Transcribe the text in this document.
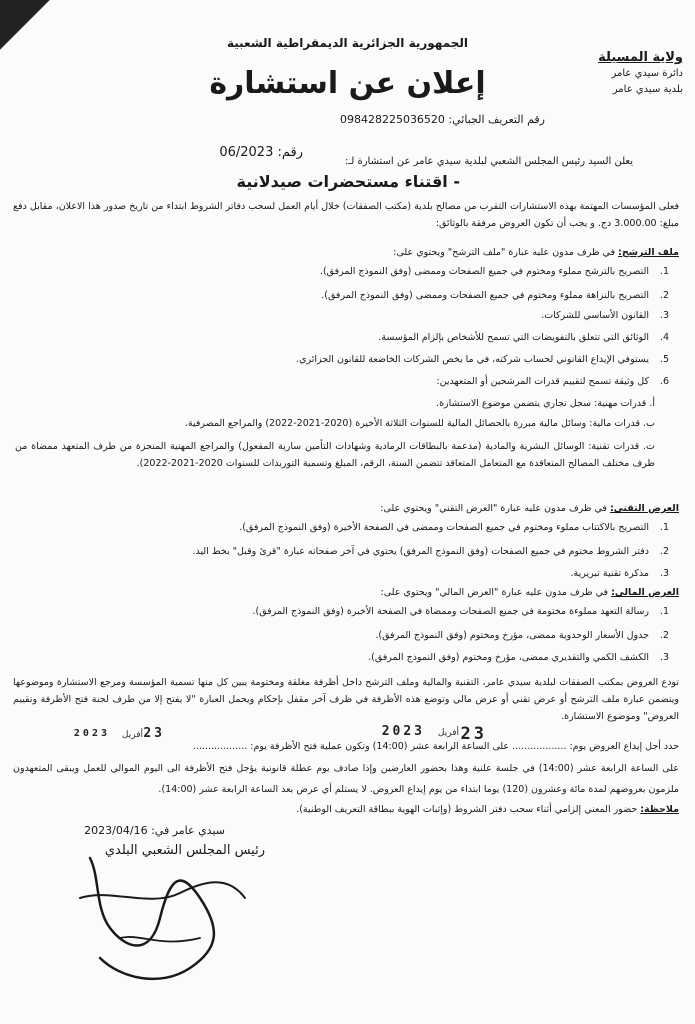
الجمهورية الجزائرية الديمقراطية الشعبية
ولاية المسيلة
دائرة سيدي عامر
بلدية سيدي عامر
إعلان عن استشارة
رقم التعريف الجبائي: 098428225036520
رقم: 06/2023
يعلن السيد رئيس المجلس الشعبي لبلدية سيدي عامر عن استشارة لـ:
- اقتناء مستحضرات صيدلانية
فعلى المؤسسات المهتمة بهذه الاستشارات التقرب من مصالح بلدية (مكتب الصفقات) خلال أيام العمل لسحب دفاتر الشروط ابتداء من تاريخ صدور هذا الاعلان، مقابل دفع مبلغ: 3.000.00 دج. و يجب أن تكون العروض مرفقة بالوثائق:
ملف الترشح: في ظرف مدون عليه عبارة "ملف الترشح" ويحتوي على:
1.التصريح بالترشح مملوء ومختوم في جميع الصفحات وممضى (وفق النموذج المرفق).
2.التصريح بالنزاهة مملوء ومختوم في جميع الصفحات وممضى (وفق النموذج المرفق).
3.القانون الأساسي للشركات.
4.الوثائق التي تتعلق بالتفويضات التي تسمح للأشخاص بإلزام المؤسسة.
5.يستوفي الإيداع القانوني لحساب شركته، في ما يخص الشركات الخاضعة للقانون الجزائري.
6.كل وثيقة تسمح لتقييم قدرات المرشحين أو المتعهدين:
أ. قدرات مهنية: سجل تجاري يتضمن موضوع الاستشارة.
ب. قدرات مالية: وسائل مالية مبررة بالحصائل المالية للسنوات الثلاثة الأخيرة (2020-2021-2022) والمراجع المصرفية.
ت. قدرات تقنية: الوسائل البشرية والمادية (مدعمة بالبطاقات الرمادية وشهادات التأمين سارية المفعول) والمراجع المهنية المنجزة من طرف المتعهد ممضاة من طرف مختلف المصالح المتعاقدة مع المتعامل المتعاقد تتضمن السنة، الرقم، المبلغ وتسمية التوريدات للسنوات 2020-2021-2022).
العرض التقني: في ظرف مدون عليه عبارة "العرض التقني" ويحتوي على:
1.التصريح بالاكتتاب مملوء ومختوم في جميع الصفحات وممضى في الصفحة الأخيرة (وفق النموذج المرفق).
2.دفتر الشروط مختوم في جميع الصفحات (وفق النموذج المرفق) يحتوي في آخر صفحاته عبارة "قرئ وقبل" بخط اليد.
3.مذكرة تقنية تبريرية.
العرض المالي: في ظرف مدون عليه عبارة "العرض المالي" ويحتوي على:
1.رسالة التعهد مملوءة مختومة في جميع الصفحات وممضاة في الصفحة الأخيرة (وفق النموذج المرفق).
2.جدول الأسعار الوحدوية ممضى، مؤرخ ومختوم (وفق النموذج المرفق).
3.الكشف الكمي والتقديري ممضى، مؤرخ ومختوم (وفق النموذج المرفق).
تودع العروض بمكتب الصفقات لبلدية سيدي عامر، التقنية والمالية وملف الترشح داخل أظرفة مغلقة ومختومة يبين كل منها تسمية المؤسسة ومرجع الاستشارة وموضوعها ويتضمن عبارة ملف الترشح أو عرض تقني أو عرض مالي وتوضع هذه الأظرفة في ظرف آخر مقفل بإحكام ويحمل العبارة "لا يفتح إلا من طرف لجنة فتح الأظرفة وتقييم العروض" وموضوع الاستشارة.
حدد أجل إيداع العروض يوم: .................. على الساعة الرابعة عشر (14:00) وتكون عملية فتح الأظرفة يوم: ..................
23
أفريل
2023
23
أفريل
2023
على الساعة الرابعة عشر (14:00) في جلسة علنية وهذا بحضور العارضين وإذا صادف يوم عطلة قانونية يؤجل فتح الأظرفة الى اليوم الموالي للعمل ويبقى المتعهدون ملزمون بعروضهم لمدة مائة وعشرون (120) يوما ابتداء من يوم إيداع العروض. لا يستلم أي عرض بعد الساعة الرابعة عشر (14:00).
ملاحظة: حضور المعني إلزامي أثناء سحب دفتر الشروط (وإثبات الهوية ببطاقة التعريف الوطنية).
سيدي عامر في: 2023/04/16
رئيس المجلس الشعبي البلدي
